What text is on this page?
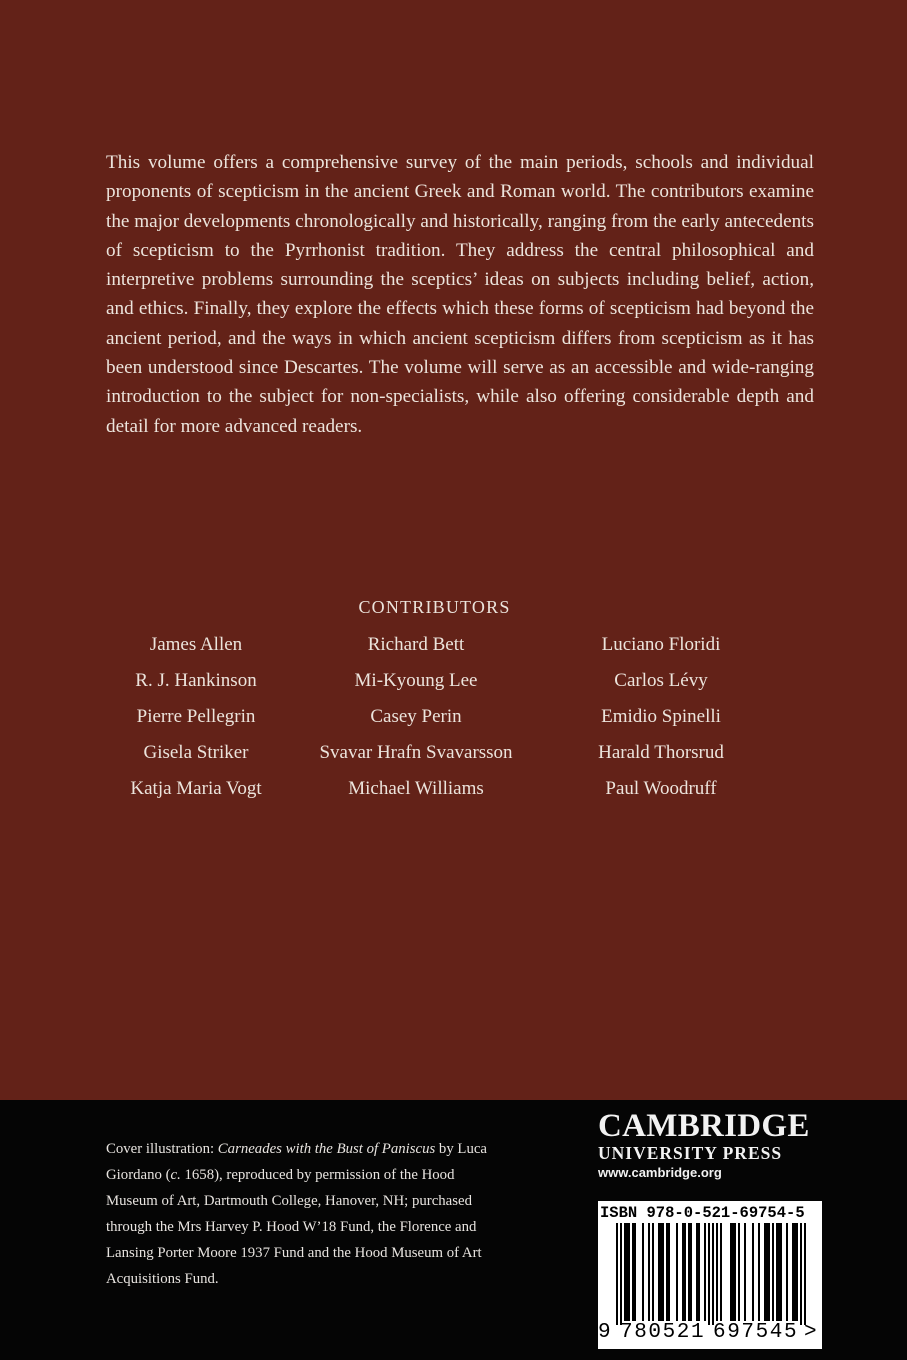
This volume offers a comprehensive survey of the main periods, schools and individual proponents of scepticism in the ancient Greek and Roman world. The contributors examine the major developments chronologically and historically, ranging from the early antecedents of scepticism to the Pyrrhonist tradition. They address the central philosophical and interpretive problems surrounding the sceptics’ ideas on subjects including belief, action, and ethics. Finally, they explore the effects which these forms of scepticism had beyond the ancient period, and the ways in which ancient scepticism differs from scepticism as it has been understood since Descartes. The volume will serve as an accessible and wide-ranging introduction to the subject for non-specialists, while also offering considerable depth and detail for more advanced readers.

CONTRIBUTORS
James Allen	Richard Bett	Luciano Floridi
R. J. Hankinson	Mi-Kyoung Lee	Carlos Lévy
Pierre Pellegrin	Casey Perin	Emidio Spinelli
Gisela Striker	Svavar Hrafn Svavarsson	Harald Thorsrud
Katja Maria Vogt	Michael Williams	Paul Woodruff

Cover illustration: Carneades with the Bust of Paniscus by Luca Giordano (c. 1658), reproduced by permission of the Hood Museum of Art, Dartmouth College, Hanover, NH; purchased through the Mrs Harvey P. Hood W’18 Fund, the Florence and Lansing Porter Moore 1937 Fund and the Hood Museum of Art Acquisitions Fund.

CAMBRIDGE
UNIVERSITY PRESS
www.cambridge.org
ISBN 978-0-521-69754-5
9 780521 697545 >
